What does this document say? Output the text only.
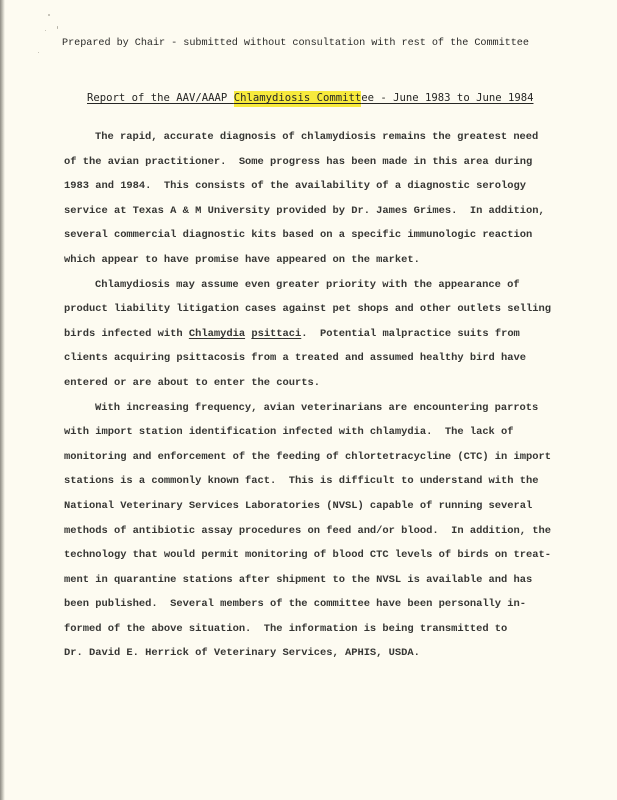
Prepared by Chair - submitted without consultation with rest of the Committee
Report of the AAV/AAAP Chlamydiosis Committee - June 1983 to June 1984
The rapid, accurate diagnosis of chlamydiosis remains the greatest need
of the avian practitioner.  Some progress has been made in this area during
1983 and 1984.  This consists of the availability of a diagnostic serology
service at Texas A & M University provided by Dr. James Grimes.  In addition,
several commercial diagnostic kits based on a specific immunologic reaction
which appear to have promise have appeared on the market.
Chlamydiosis may assume even greater priority with the appearance of
product liability litigation cases against pet shops and other outlets selling
birds infected with Chlamydia psittaci.  Potential malpractice suits from
clients acquiring psittacosis from a treated and assumed healthy bird have
entered or are about to enter the courts.
With increasing frequency, avian veterinarians are encountering parrots
with import station identification infected with chlamydia.  The lack of
monitoring and enforcement of the feeding of chlortetracycline (CTC) in import
stations is a commonly known fact.  This is difficult to understand with the
National Veterinary Services Laboratories (NVSL) capable of running several
methods of antibiotic assay procedures on feed and/or blood.  In addition, the
technology that would permit monitoring of blood CTC levels of birds on treat-
ment in quarantine stations after shipment to the NVSL is available and has
been published.  Several members of the committee have been personally in-
formed of the above situation.  The information is being transmitted to
Dr. David E. Herrick of Veterinary Services, APHIS, USDA.
